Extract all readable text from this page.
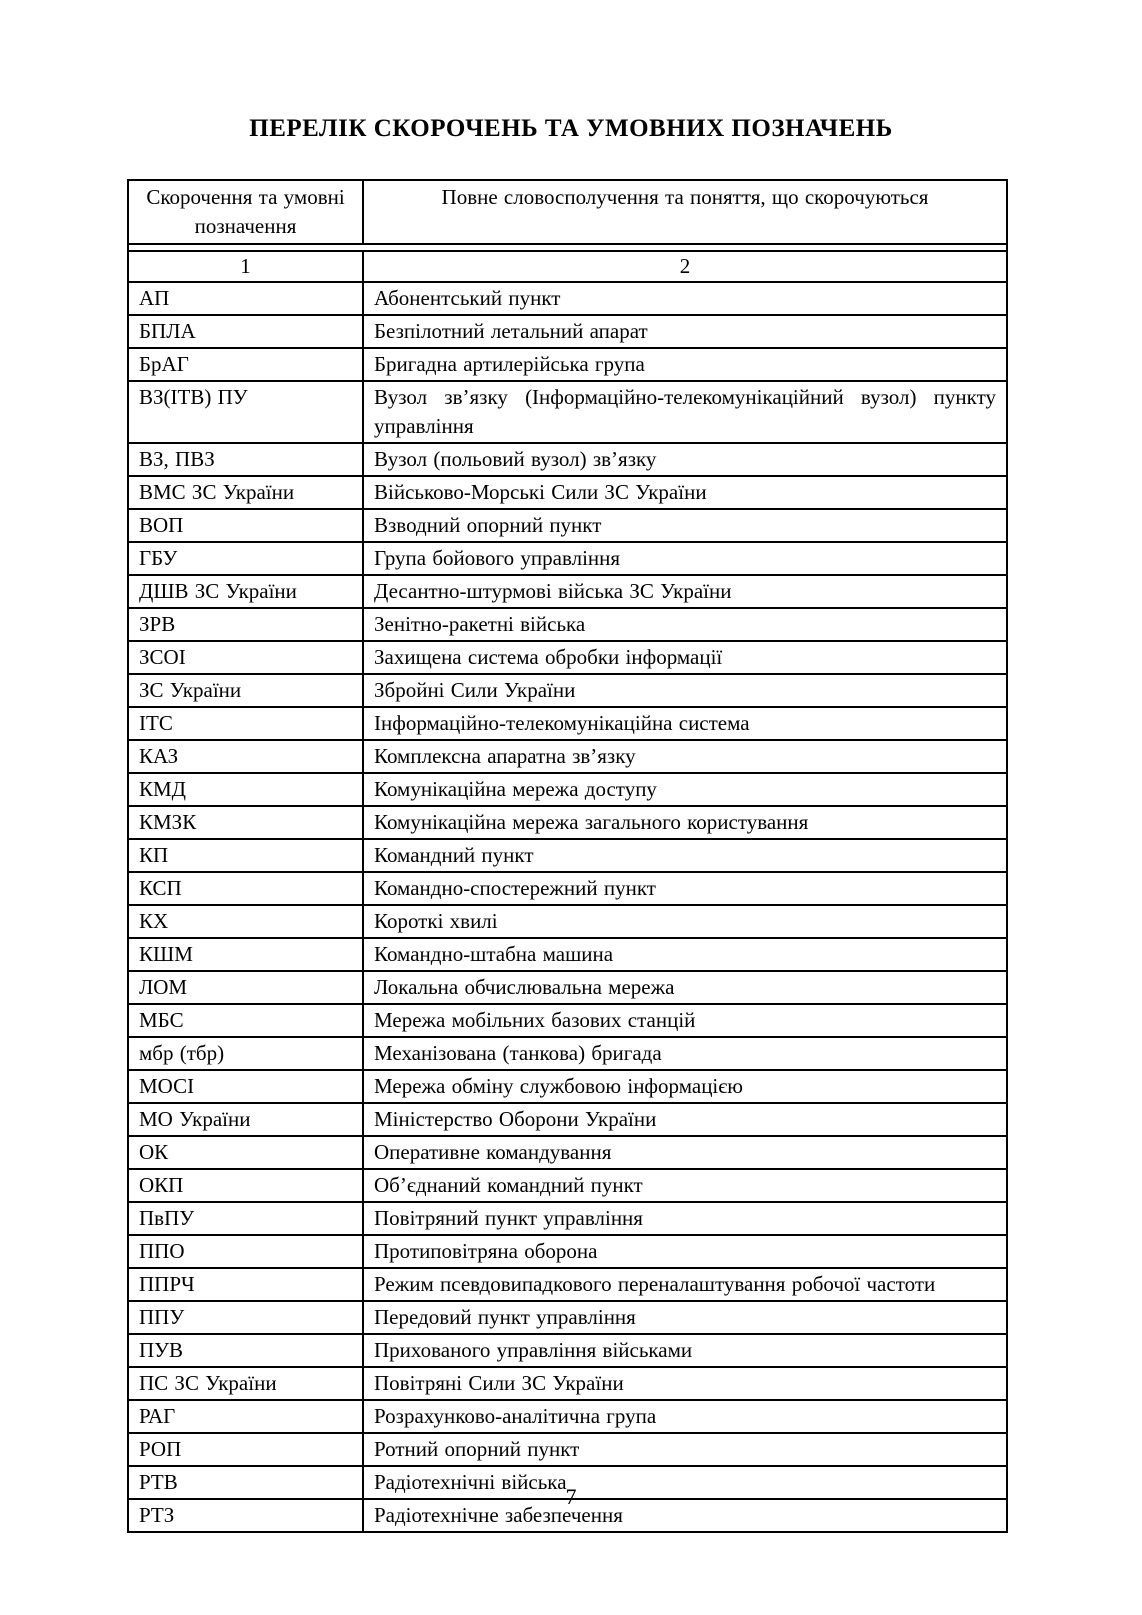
ПЕРЕЛІК СКОРОЧЕНЬ ТА УМОВНИХ ПОЗНАЧЕНЬ
Скорочення та умовні позначення	Повне словосполучення та поняття, що скорочуються

1	2
АП	Абонентський пункт
БПЛА	Безпілотний летальний апарат
БрАГ	Бригадна артилерійська група
ВЗ(ІТВ) ПУ	Вузол зв’язку (Інформаційно-телекомунікаційний вузол) пункту управління
ВЗ, ПВЗ	Вузол (польовий вузол) зв’язку
ВМС ЗС України	Військово-Морські Сили ЗС України
ВОП	Взводний опорний пункт
ГБУ	Група бойового управління
ДШВ ЗС України	Десантно-штурмові війська ЗС України
ЗРВ	Зенітно-ракетні війська
ЗСОІ	Захищена система обробки інформації
ЗС України	Збройні Сили України
ІТС	Інформаційно-телекомунікаційна система
КАЗ	Комплексна апаратна зв’язку
КМД	Комунікаційна мережа доступу
КМЗК	Комунікаційна мережа загального користування
КП	Командний пункт
КСП	Командно-спостережний пункт
КХ	Короткі хвилі
КШМ	Командно-штабна машина
ЛОМ	Локальна обчислювальна мережа
МБС	Мережа мобільних базових станцій
мбр (тбр)	Механізована (танкова) бригада
МОСІ	Мережа обміну службовою інформацією
МО України	Міністерство Оборони України
ОК	Оперативне командування
ОКП	Об’єднаний командний пункт
ПвПУ	Повітряний пункт управління
ППО	Протиповітряна оборона
ППРЧ	Режим псевдовипадкового переналаштування робочої частоти
ППУ	Передовий пункт управління
ПУВ	Прихованого управління військами
ПС ЗС України	Повітряні Сили ЗС України
РАГ	Розрахунково-аналітична група
РОП	Ротний опорний пункт
РТВ	Радіотехнічні війська
РТЗ	Радіотехнічне забезпечення
7
